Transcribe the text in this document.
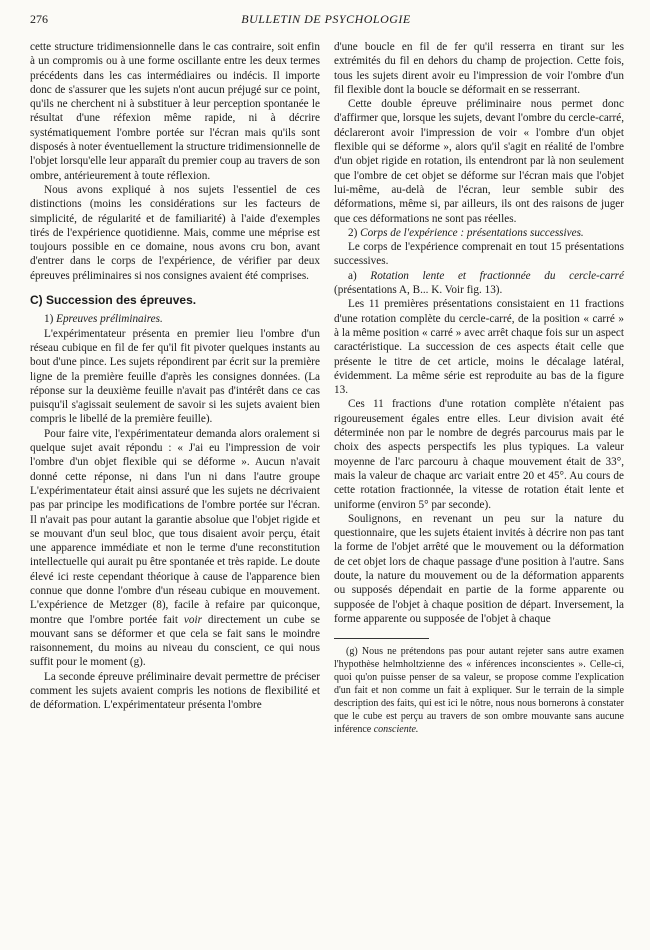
276	BULLETIN DE PSYCHOLOGIE

cette structure tridimensionnelle dans le cas contraire, soit enfin à un compromis ou à une forme oscillante entre les deux termes précédents dans les cas intermédiaires ou indécis. Il importe donc de s'assurer que les sujets n'ont aucun préjugé sur ce point, qu'ils ne cherchent ni à substituer à leur perception spontanée le résultat d'une réfexion même rapide, ni à décrire systématiquement l'ombre portée sur l'écran mais qu'ils sont disposés à noter éventuellement la structure tridimensionnelle de l'objet lorsqu'elle leur apparaît du premier coup au travers de son ombre, antérieurement à toute réflexion.

Nous avons expliqué à nos sujets l'essentiel de ces distinctions (moins les considérations sur les facteurs de simplicité, de régularité et de familiarité) à l'aide d'exemples tirés de l'expérience quotidienne. Mais, comme une méprise est toujours possible en ce domaine, nous avons cru bon, avant d'entrer dans le corps de l'expérience, de vérifier par deux épreuves préliminaires si nos consignes avaient été comprises.

C) Succession des épreuves.

1) Epreuves préliminaires.

L'expérimentateur présenta en premier lieu l'ombre d'un réseau cubique en fil de fer qu'il fit pivoter quelques instants au bout d'une pince. Les sujets répondirent par écrit sur la première ligne de la première feuille d'après les consignes données. (La réponse sur la deuxième feuille n'avait pas d'intérêt dans ce cas puisqu'il s'agissait seulement de savoir si les sujets avaient bien compris le libellé de la première feuille).

Pour faire vite, l'expérimentateur demanda alors oralement si quelque sujet avait répondu : « J'ai eu l'impression de voir l'ombre d'un objet flexible qui se déforme ». Aucun n'avait donné cette réponse, ni dans l'un ni dans l'autre groupe L'expérimentateur était ainsi assuré que les sujets ne décrivaient pas par principe les modifications de l'ombre portée sur l'écran. Il n'avait pas pour autant la garantie absolue que l'objet rigide et se mouvant d'un seul bloc, que tous disaient avoir perçu, était une apparence immédiate et non le terme d'une reconstitution intellectuelle qui aurait pu être spontanée et très rapide. Le doute élevé ici reste cependant théorique à cause de l'apparence bien connue que donne l'ombre d'un réseau cubique en mouvement. L'expérience de Metzger (8), facile à refaire par quiconque, montre que l'ombre portée fait voir directement un cube se mouvant sans se déformer et que cela se fait sans le moindre raisonnement, du moins au niveau du conscient, ce qui nous suffit pour le moment (g).

La seconde épreuve préliminaire devait permettre de préciser comment les sujets avaient compris les notions de flexibilité et de déformation. L'expérimentateur présenta l'ombre

d'une boucle en fil de fer qu'il resserra en tirant sur les extrémités du fil en dehors du champ de projection. Cette fois, tous les sujets dirent avoir eu l'impression de voir l'ombre d'un fil flexible dont la boucle se déformait en se resserrant.

Cette double épreuve préliminaire nous permet donc d'affirmer que, lorsque les sujets, devant l'ombre du cercle-carré, déclareront avoir l'impression de voir « l'ombre d'un objet flexible qui se déforme », alors qu'il s'agit en réalité de l'ombre d'un objet rigide en rotation, ils entendront par là non seulement que l'ombre de cet objet se déforme sur l'écran mais que l'objet lui-même, au-delà de l'écran, leur semble subir des déformations, même si, par ailleurs, ils ont des raisons de juger que ces déformations ne sont pas réelles.

2) Corps de l'expérience : présentations successives.

Le corps de l'expérience comprenait en tout 15 présentations successives.

a) Rotation lente et fractionnée du cercle-carré (présentations A, B... K. Voir fig. 13).

Les 11 premières présentations consistaient en 11 fractions d'une rotation complète du cercle-carré, de la position « carré » à la même position « carré » avec arrêt chaque fois sur un aspect caractéristique. La succession de ces aspects était celle que présente le titre de cet article, moins le décalage latéral, évidemment. La même série est reproduite au bas de la figure 13.

Ces 11 fractions d'une rotation complète n'étaient pas rigoureusement égales entre elles. Leur division avait été déterminée non par le nombre de degrés parcourus mais par le choix des aspects perspectifs les plus typiques. La valeur moyenne de l'arc parcouru à chaque mouvement était de 33°, mais la valeur de chaque arc variait entre 20 et 45°. Au cours de cette rotation fractionnée, la vitesse de rotation était lente et uniforme (environ 5° par seconde).

Soulignons, en revenant un peu sur la nature du questionnaire, que les sujets étaient invités à décrire non pas tant la forme de l'objet arrêté que le mouvement ou la déformation de cet objet lors de chaque passage d'une position à l'autre. Sans doute, la nature du mouvement ou de la déformation apparents ou supposés dépendait en partie de la forme apparente ou supposée de l'objet à chaque position de départ. Inversement, la forme apparente ou supposée de l'objet à chaque

(g) Nous ne prétendons pas pour autant rejeter sans autre examen l'hypothèse helmholtzienne des « inférences inconscientes ». Celle-ci, quoi qu'on puisse penser de sa valeur, se propose comme l'explication d'un fait et non comme un fait à expliquer. Sur le terrain de la simple description des faits, qui est ici le nôtre, nous nous bornerons à constater que le cube est perçu au travers de son ombre mouvante sans aucune inférence consciente.
